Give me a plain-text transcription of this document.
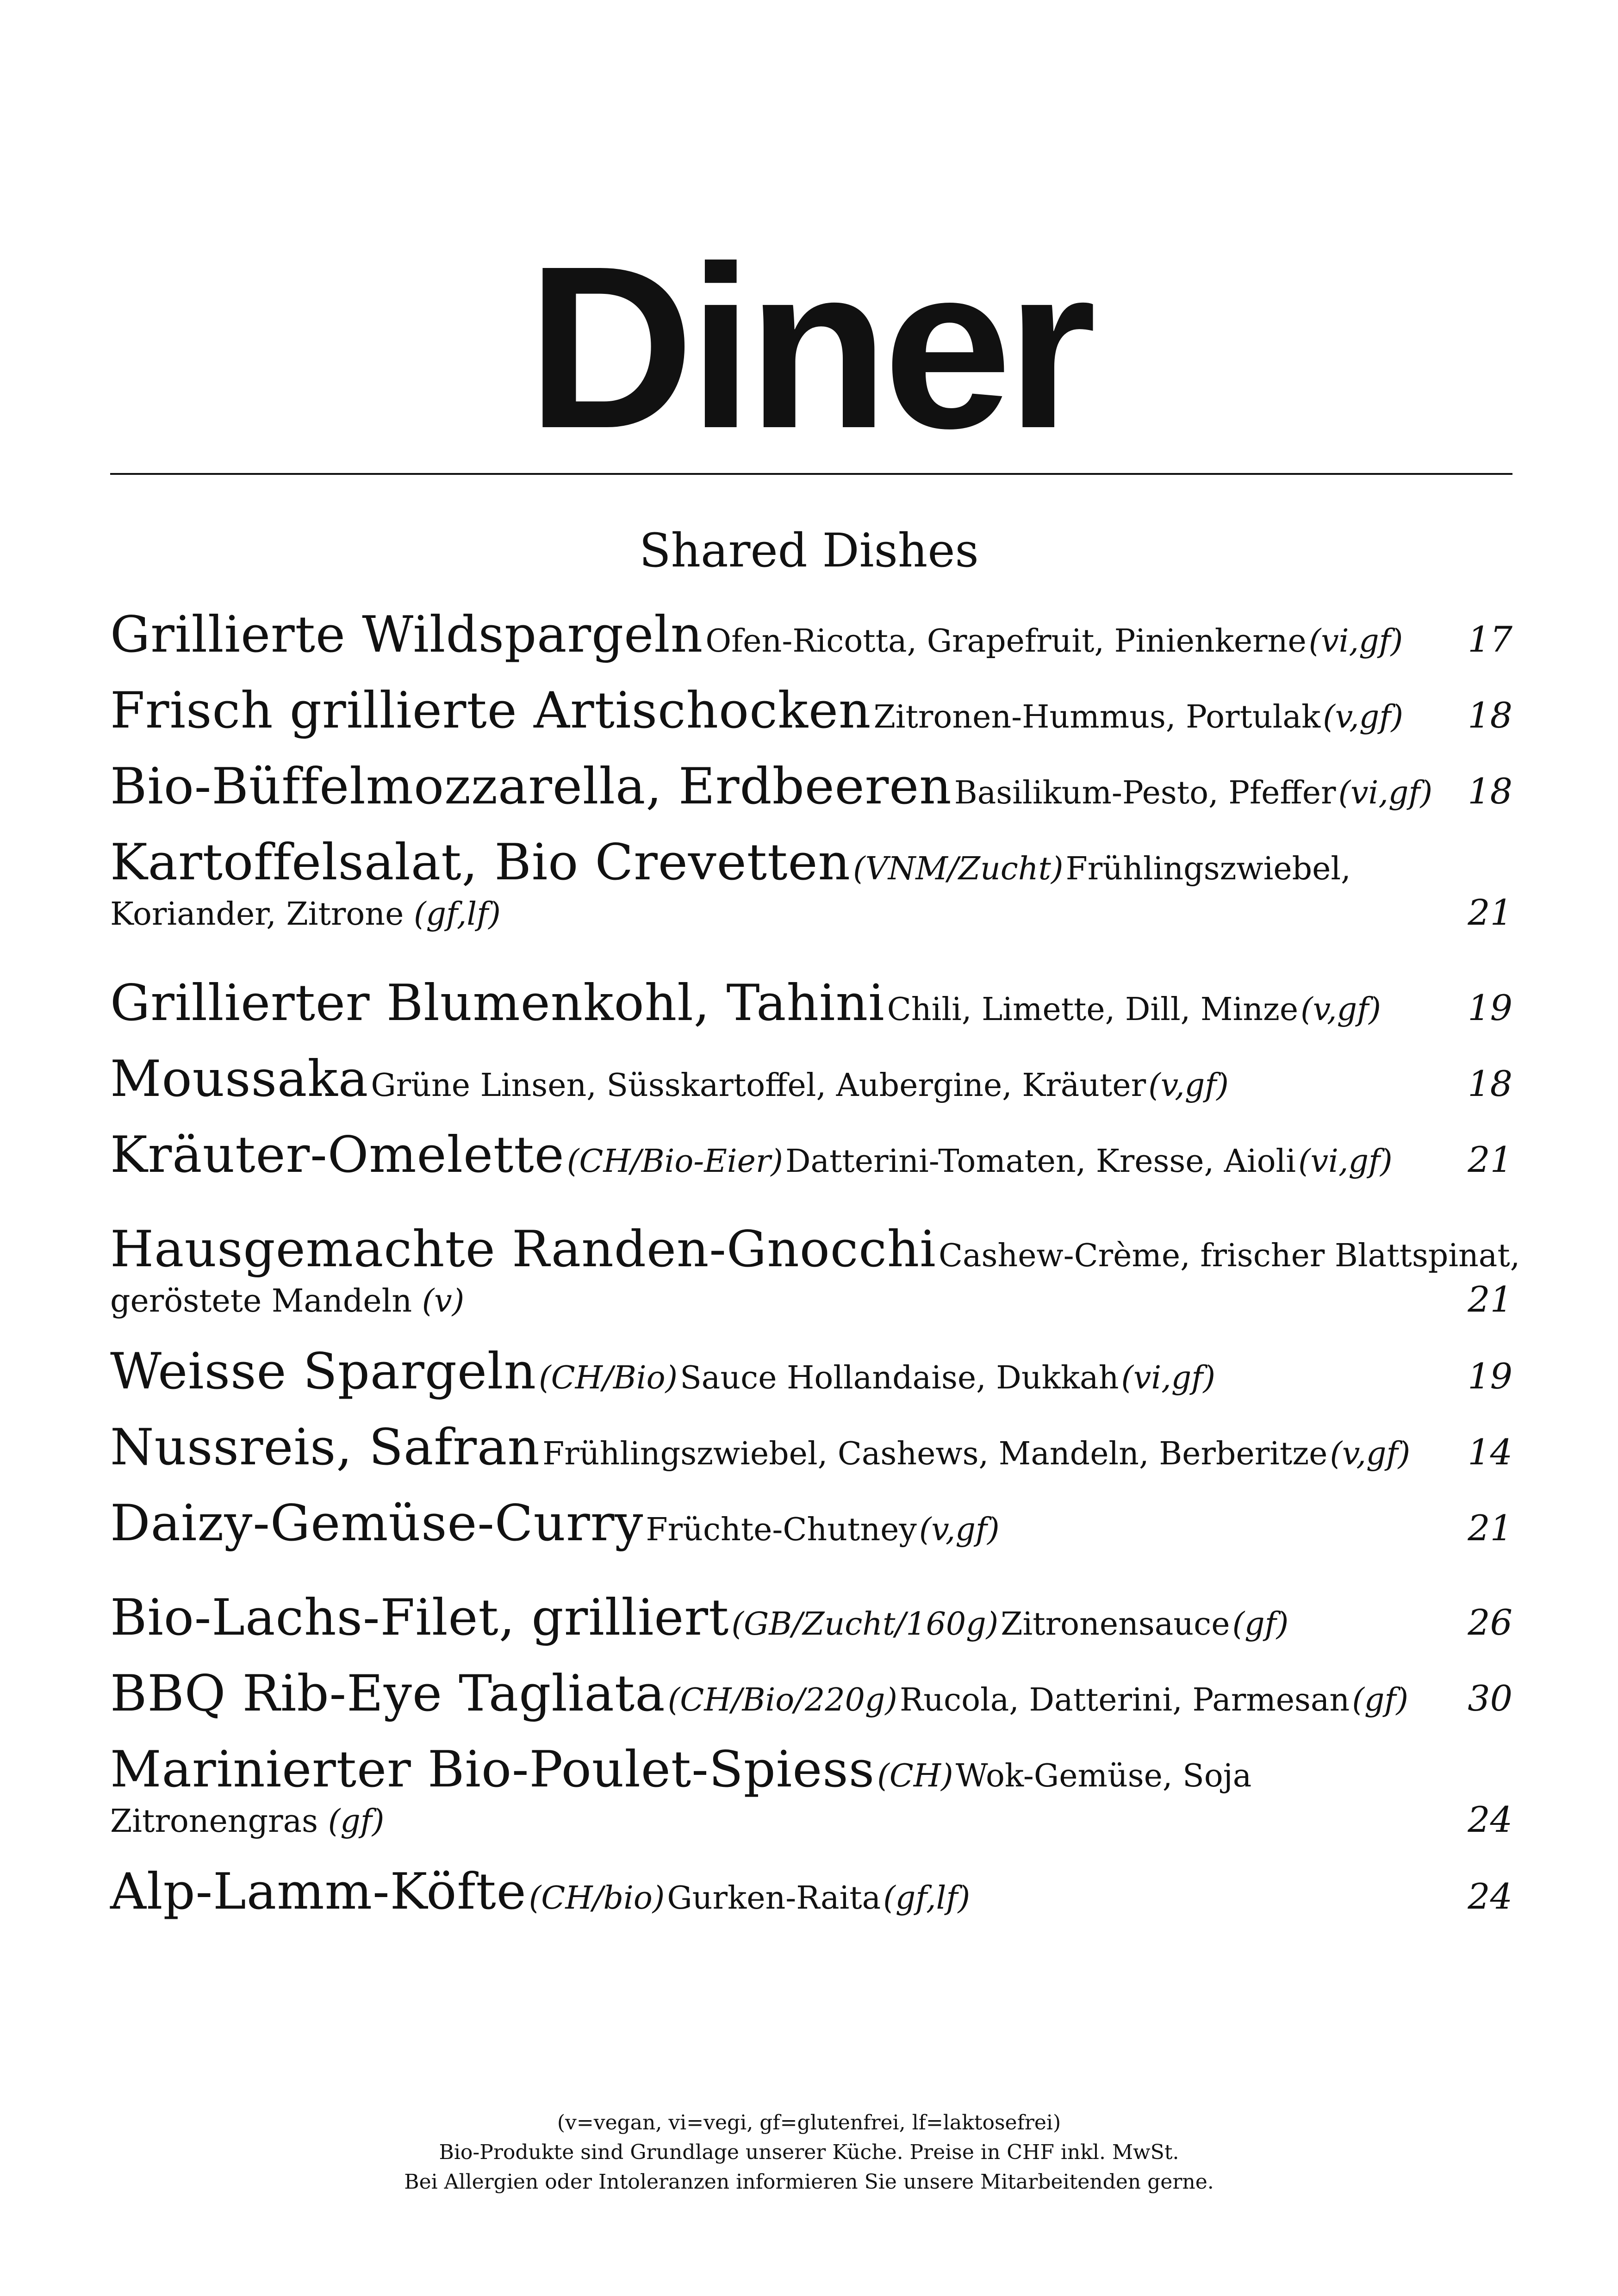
Diner
Shared Dishes
Grillierte Wildspargeln Ofen-Ricotta, Grapefruit, Pinienkerne (vi,gf)	17
Frisch grillierte Artischocken Zitronen-Hummus, Portulak (v,gf)	18
Bio-Büffelmozzarella, Erdbeeren Basilikum-Pesto, Pfeffer (vi,gf)	18
Kartoffelsalat, Bio Crevetten (VNM/Zucht) Frühlingszwiebel,
Koriander, Zitrone (gf,lf)	21
Grillierter Blumenkohl, Tahini Chili, Limette, Dill, Minze (v,gf)	19
Moussaka Grüne Linsen, Süsskartoffel, Aubergine, Kräuter (v,gf)	18
Kräuter-Omelette (CH/Bio-Eier) Datterini-Tomaten, Kresse, Aioli (vi,gf)	21
Hausgemachte Randen-Gnocchi Cashew-Crème, frischer Blattspinat,
geröstete Mandeln (v)	21
Weisse Spargeln (CH/Bio) Sauce Hollandaise, Dukkah (vi,gf)	19
Nussreis, Safran Frühlingszwiebel, Cashews, Mandeln, Berberitze (v,gf)	14
Daizy-Gemüse-Curry Früchte-Chutney (v,gf)	21
Bio-Lachs-Filet, grilliert (GB/Zucht/160g) Zitronensauce (gf)	26
BBQ Rib-Eye Tagliata (CH/Bio/220g) Rucola, Datterini, Parmesan (gf)	30
Marinierter Bio-Poulet-Spiess (CH) Wok-Gemüse, Soja
Zitronengras (gf)	24
Alp-Lamm-Köfte (CH/bio) Gurken-Raita (gf,lf)	24
(v=vegan, vi=vegi, gf=glutenfrei, lf=laktosefrei)
Bio-Produkte sind Grundlage unserer Küche. Preise in CHF inkl. MwSt.
Bei Allergien oder Intoleranzen informieren Sie unsere Mitarbeitenden gerne.
